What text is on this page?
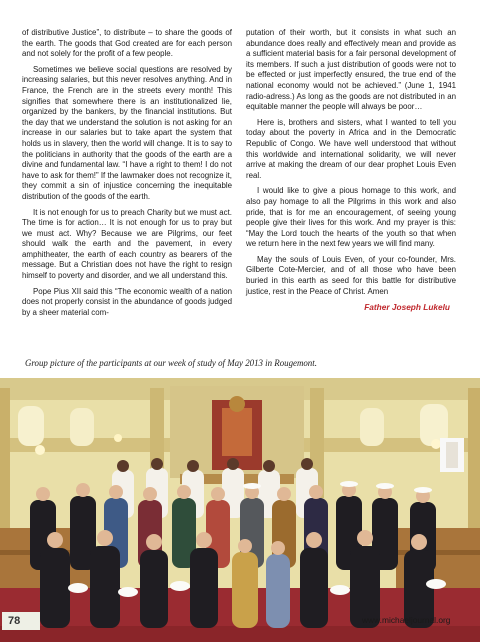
of distributive Justice”, to distribute – to share the goods of the earth. The goods that God created are for each person and not solely for the profit of a few people.

Sometimes we believe social questions are resolved by increasing salaries, but this never resolves anything. And in France, the French are in the streets every month! This signifies that somewhere there is an institutionalized lie, organized by the bankers, by the financial institutions. But the day that we understand the solution is not asking for an increase in our salaries but to take apart the system that holds us in slavery, then the world will change. It is to say to the politicians in authority that the goods of the earth are a divine and fundamental law. “I have a right to them! I do not have to ask for them!” If the lawmaker does not recognize it, they commit a sin of injustice concerning the inequitable distribution of the goods of the earth.

It is not enough for us to preach Charity but we must act. The time is for action… It is not enough for us to pray but we must act. Why? Because we are Pilgrims, our feet should walk the earth and the pavement, in every amphitheater, the earth of each country as bearers of the message. But a Christian does not have the right to resign himself to poverty and disorder, and we all understand this.

Pope Pius XII said this “The economic wealth of a nation does not properly consist in the abundance of goods judged by a sheer material com-

putation of their worth, but it consists in what such an abundance does really and effectively mean and provide as a sufficient material basis for a fair personal development of its members. If such a just distribution of goods were not to be effected or just imperfectly ensured, the true end of the national economy would not be achieved.” (June 1, 1941 radio-adress.) As long as the goods are not distributed in an equitable manner the people will always be poor…

Here is, brothers and sisters, what I wanted to tell you today about the poverty in Africa and in the Democratic Republic of Congo. We have well understood that without this worldwide and international solidarity, we will never arrive at making the dream of our dear prophet Louis Even real.

I would like to give a pious homage to this work, and also pay homage to all the Pilgrims in this work and also pride, that is for me an encouragement, of seeing young people give their lives for this work. And my prayer is this: “May the Lord touch the hearts of the youth so that when we return here in the next few years we will find many.

May the souls of Louis Even, of your co-founder, Mrs. Gilberte Cote-Mercier, and of all those who have been buried in this earth as seed for this battle for distributive justice, rest in the Peace of Christ. Amen

Father Joseph Lukelu
Group picture of the participants at our week of study of May 2013 in Rougemont.
78	www.michaeljournal.org
